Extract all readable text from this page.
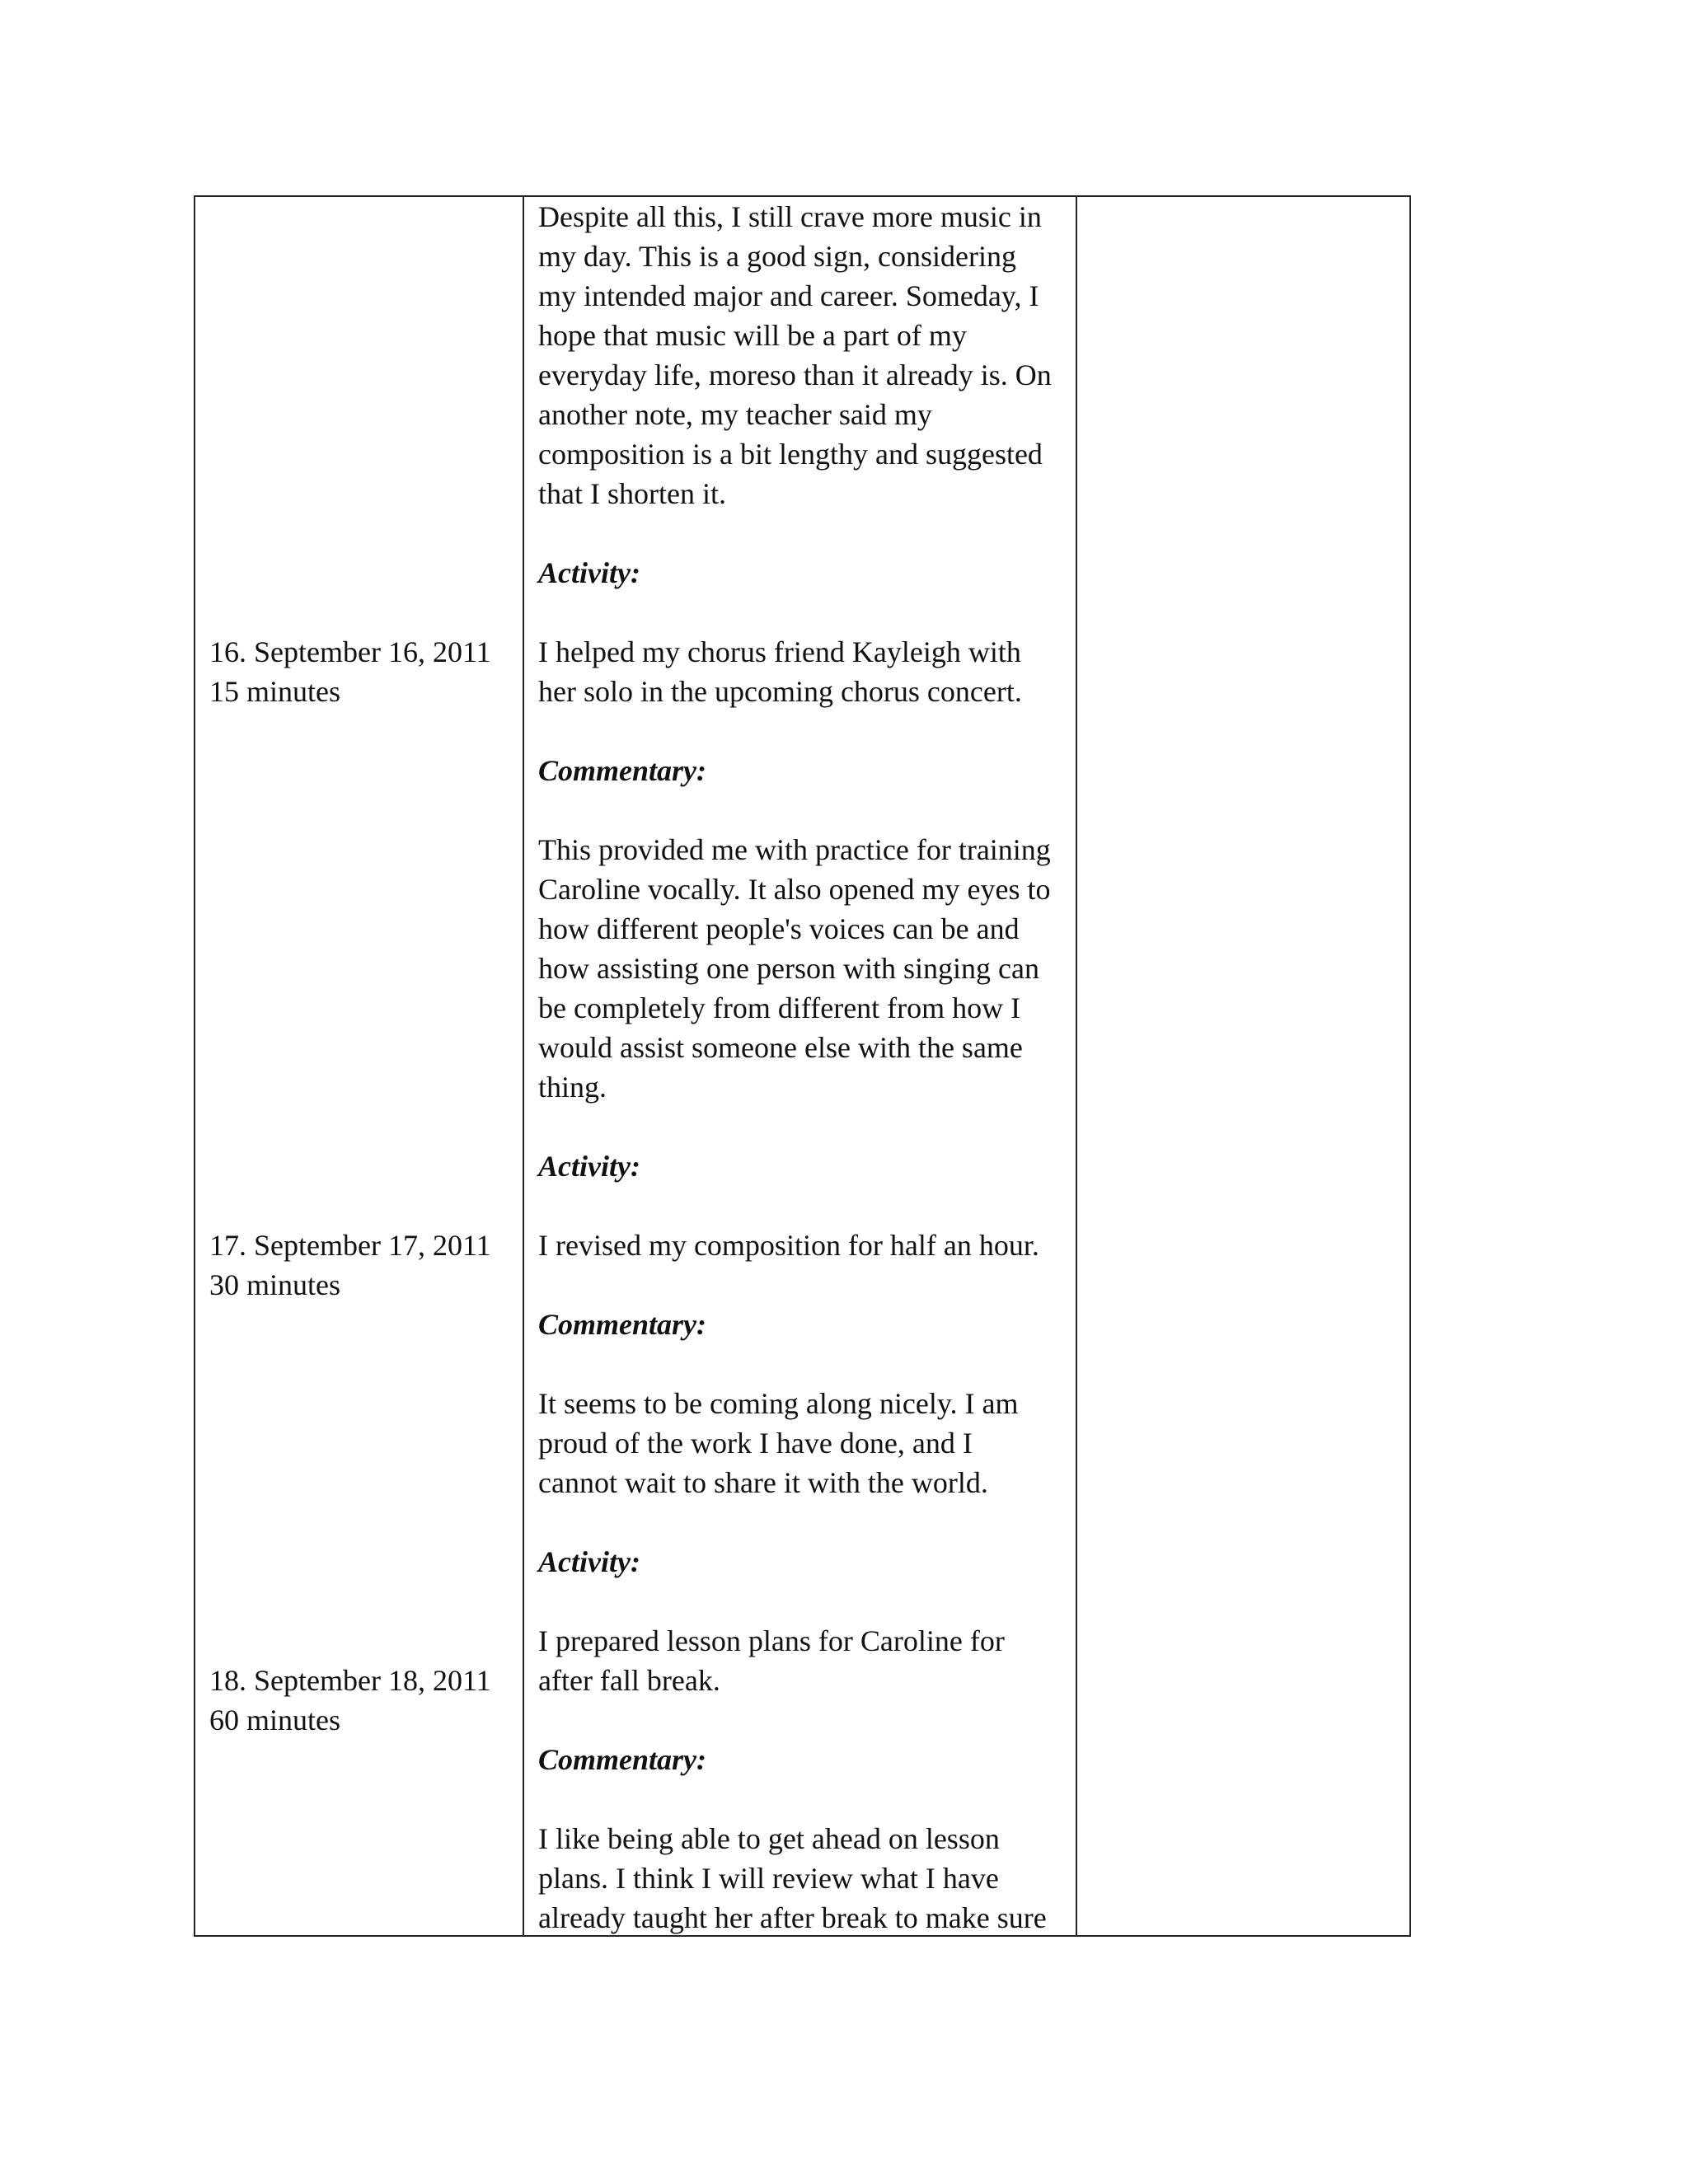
Despite all this, I still crave more music in
my day. This is a good sign, considering
my intended major and career. Someday, I
hope that music will be a part of my
everyday life, moreso than it already is. On
another note, my teacher said my
composition is a bit lengthy and suggested
that I shorten it.
Activity:
16. September 16, 2011
15 minutes
I helped my chorus friend Kayleigh with
her solo in the upcoming chorus concert.
Commentary:
This provided me with practice for training
Caroline vocally. It also opened my eyes to
how different people's voices can be and
how assisting one person with singing can
be completely from different from how I
would assist someone else with the same
thing.
Activity:
17. September 17, 2011
30 minutes
I revised my composition for half an hour.
Commentary:
It seems to be coming along nicely. I am
proud of the work I have done, and I
cannot wait to share it with the world.
Activity:
I prepared lesson plans for Caroline for
18. September 18, 2011 after fall break.
60 minutes
Commentary:
I like being able to get ahead on lesson
plans. I think I will review what I have
already taught her after break to make sure
